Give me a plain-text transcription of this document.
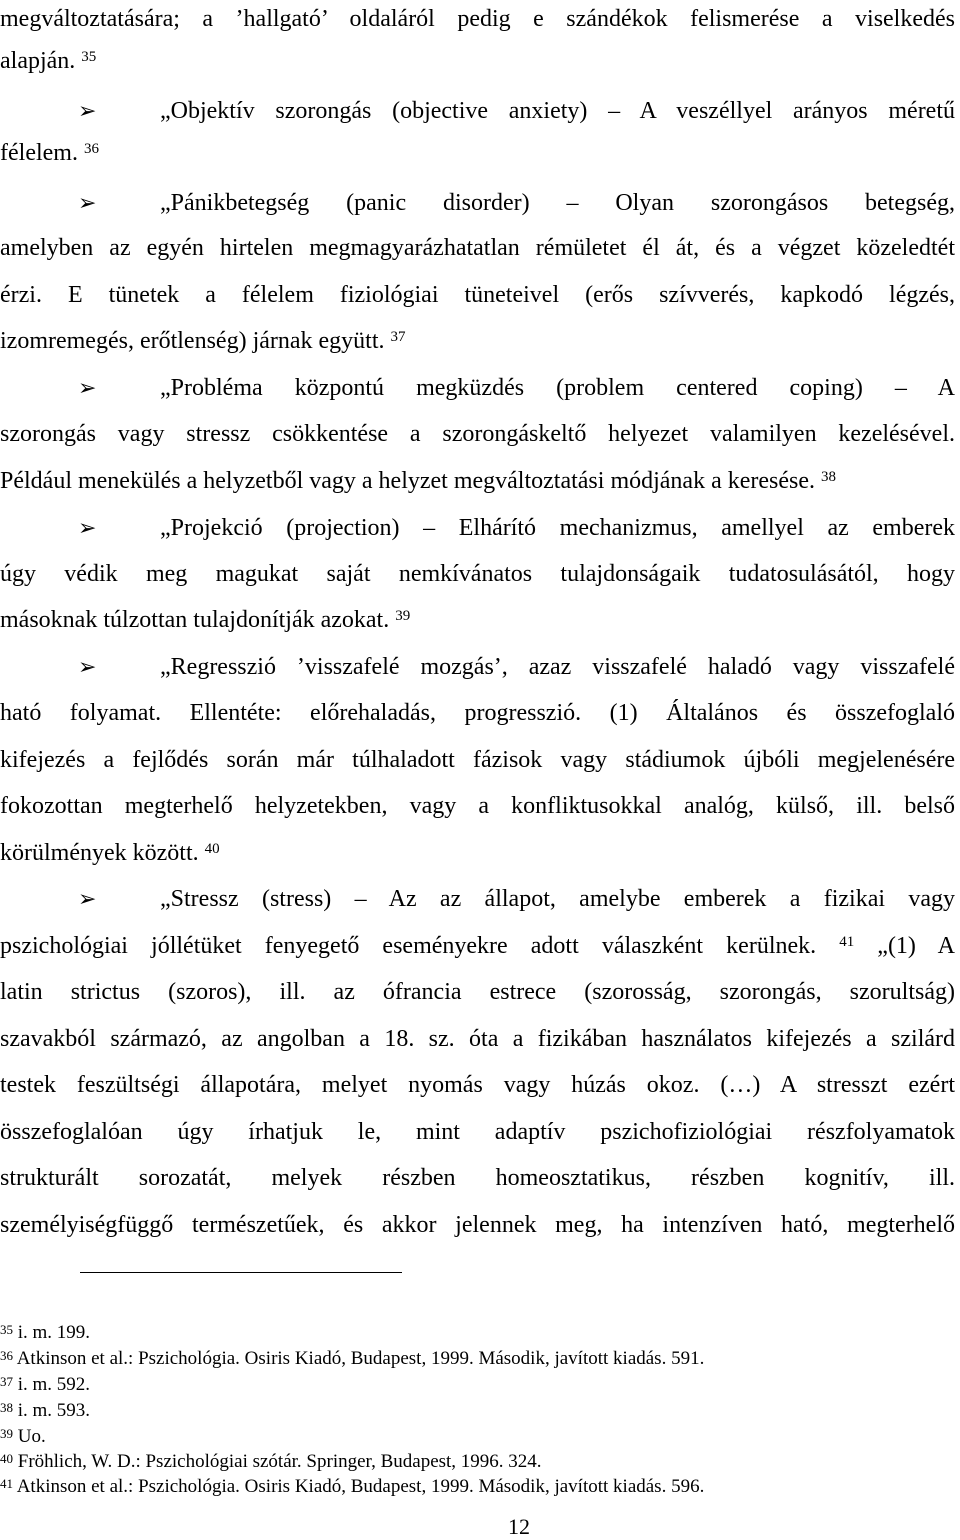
megváltoztatására; a ’hallgató’ oldaláról pedig e szándékok felismerése a viselkedés
alapján. $^{35}$
➢	„Objektív szorongás (objective anxiety) – A veszéllyel arányos méretű
félelem. $^{36}$
➢	„Pánikbetegség (panic disorder) – Olyan szorongásos betegség,
amelyben az egyén hirtelen megmagyarázhatatlan rémületet él át, és a végzet közeledtét
érzi. E tünetek a félelem fiziológiai tüneteivel (erős szívverés, kapkodó légzés,
izomremegés, erőtlenség) járnak együtt. $^{37}$
➢	„Probléma központú megküzdés (problem centered coping) – A
szorongás vagy stressz csökkentése a szorongáskeltő helyezet valamilyen kezelésével.
Például menekülés a helyzetből vagy a helyzet megváltoztatási módjának a keresése. $^{38}$
➢	„Projekció (projection) – Elhárító mechanizmus, amellyel az emberek
úgy védik meg magukat saját nemkívánatos tulajdonságaik tudatosulásától, hogy
másoknak túlzottan tulajdonítják azokat. $^{39}$
➢	„Regresszió ’visszafelé mozgás’, azaz visszafelé haladó vagy visszafelé
ható folyamat. Ellentéte: előrehaladás, progresszió. (1) Általános és összefoglaló
kifejezés a fejlődés során már túlhaladott fázisok vagy stádiumok újbóli megjelenésére
fokozottan megterhelő helyzetekben, vagy a konfliktusokkal analóg, külső, ill. belső
körülmények között. $^{40}$
➢	„Stressz (stress) – Az az állapot, amelybe emberek a fizikai vagy
pszichológiai jóllétüket fenyegető eseményekre adott válaszként kerülnek. $^{41}$ „(1) A
latin strictus (szoros), ill. az ófrancia estrece (szorosság, szorongás, szorultság)
szavakból származó, az angolban a 18. sz. óta a fizikában használatos kifejezés a szilárd
testek feszültségi állapotára, melyet nyomás vagy húzás okoz. (…) A stresszt ezért
összefoglalóan úgy írhatjuk le, mint adaptív pszichofiziológiai részfolyamatok
strukturált sorozatát, melyek részben homeosztatikus, részben kognitív, ill.
személyiségfüggő természetűek, és akkor jelennek meg, ha intenzíven ható, megterhelő
$^{35}$ i. m. 199.
$^{36}$ Atkinson et al.: Pszichológia. Osiris Kiadó, Budapest, 1999. Második, javított kiadás. 591.
$^{37}$ i. m. 592.
$^{38}$ i. m. 593.
$^{39}$ Uo.
$^{40}$ Fröhlich, W. D.: Pszichológiai szótár. Springer, Budapest, 1996. 324.
$^{41}$ Atkinson et al.: Pszichológia. Osiris Kiadó, Budapest, 1999. Második, javított kiadás. 596.
12
